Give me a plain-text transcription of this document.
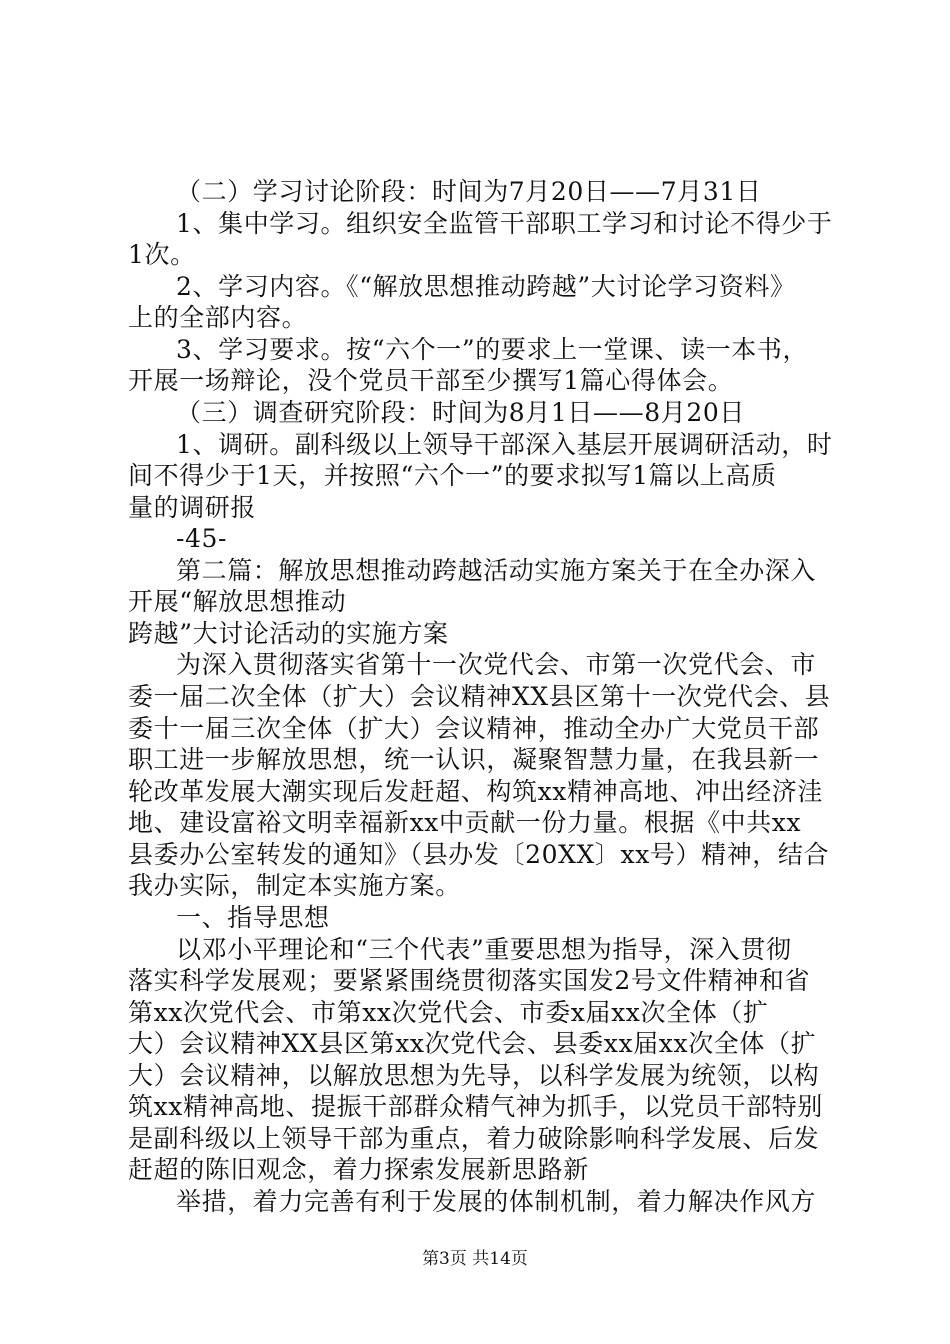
（二）学习讨论阶段：时间为7月20日——7月31日
1、集中学习。组织安全监管干部职工学习和讨论不得少于
1次。
2、学习内容。《“解放思想推动跨越”大讨论学习资料》
上的全部内容。
3、学习要求。按“六个一”的要求上一堂课、读一本书，
开展一场辩论，没个党员干部至少撰写1篇心得体会。
（三）调查研究阶段：时间为8月1日——8月20日
1、调研。副科级以上领导干部深入基层开展调研活动，时
间不得少于1天，并按照“六个一”的要求拟写1篇以上高质
量的调研报
-45-
第二篇：解放思想推动跨越活动实施方案关于在全办深入
开展“解放思想推动
跨越”大讨论活动的实施方案
为深入贯彻落实省第十一次党代会、市第一次党代会、市
委一届二次全体（扩大）会议精神XX县区第十一次党代会、县
委十一届三次全体（扩大）会议精神，推动全办广大党员干部
职工进一步解放思想，统一认识，凝聚智慧力量，在我县新一
轮改革发展大潮实现后发赶超、构筑xx精神高地、冲出经济洼
地、建设富裕文明幸福新xx中贡献一份力量。根据《中共xx
县委办公室转发的通知》（县办发〔20XX〕xx号）精神，结合
我办实际，制定本实施方案。
一、指导思想
以邓小平理论和“三个代表”重要思想为指导，深入贯彻
落实科学发展观；要紧紧围绕贯彻落实国发2号文件精神和省
第xx次党代会、市第xx次党代会、市委x届xx次全体（扩
大）会议精神XX县区第xx次党代会、县委xx届xx次全体（扩
大）会议精神，以解放思想为先导，以科学发展为统领，以构
筑xx精神高地、提振干部群众精气神为抓手，以党员干部特别
是副科级以上领导干部为重点，着力破除影响科学发展、后发
赶超的陈旧观念，着力探索发展新思路新
举措，着力完善有利于发展的体制机制，着力解决作风方
第3页 共14页
